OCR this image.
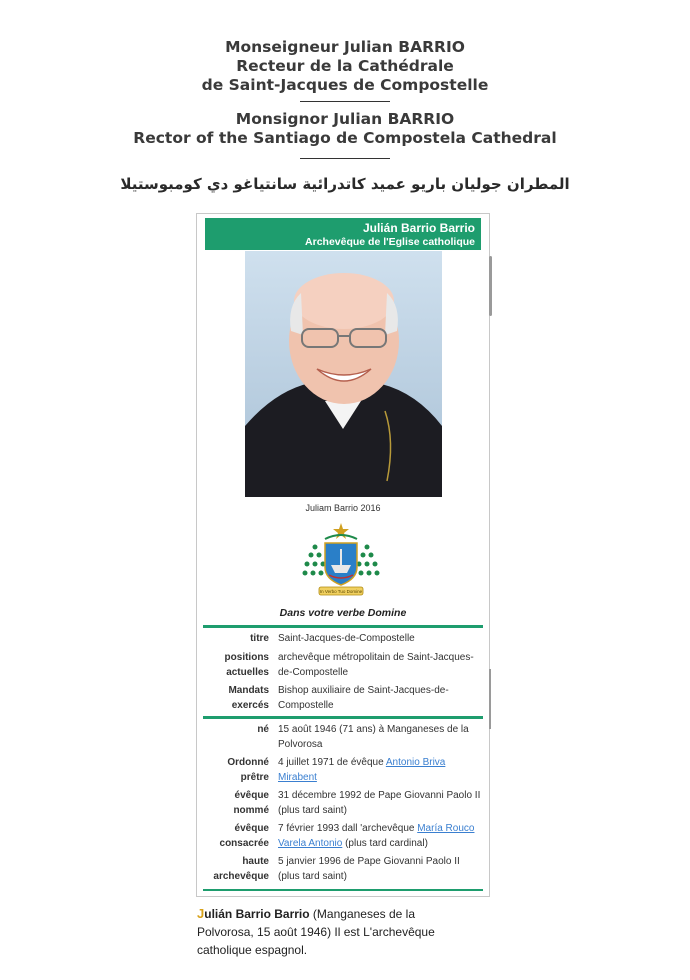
Monseigneur Julian BARRIO
Recteur de la Cathédrale
de Saint-Jacques de Compostelle
Monsignor Julian BARRIO
Rector of the Santiago de Compostela Cathedral
المطران جوليان باريو عميد كاتدرائية سانتياغو دي كومبوستيلا
Julián Barrio Barrio
Archevêque de l'Eglise catholique
Juliam Barrio 2016
In Verbo Tuo Domine
Dans votre verbe Domine
titre Saint-Jacques-de-Compostelle
positions actuelles
archevêque métropolitain de Saint-Jacques-de-Compostelle
Mandats exercés
Bishop auxiliaire de Saint-Jacques-de-Compostelle
né 15 août 1946 (71 ans) à Manganeses de la Polvorosa
Ordonné prêtre
4 juillet 1971 de évêque Antonio Briva Mirabent
évêque nommé
31 décembre 1992 de Pape Giovanni Paolo II (plus tard saint)
évêque consacrée
7 février 1993 dall 'archevêque María Rouco Varela Antonio (plus tard cardinal)
haute archevêque
5 janvier 1996 de Pape Giovanni Paolo II (plus tard saint)
Julián Barrio Barrio (Manganeses de la Polvorosa, 15 août 1946) Il est L'archevêque catholique espagnol.
